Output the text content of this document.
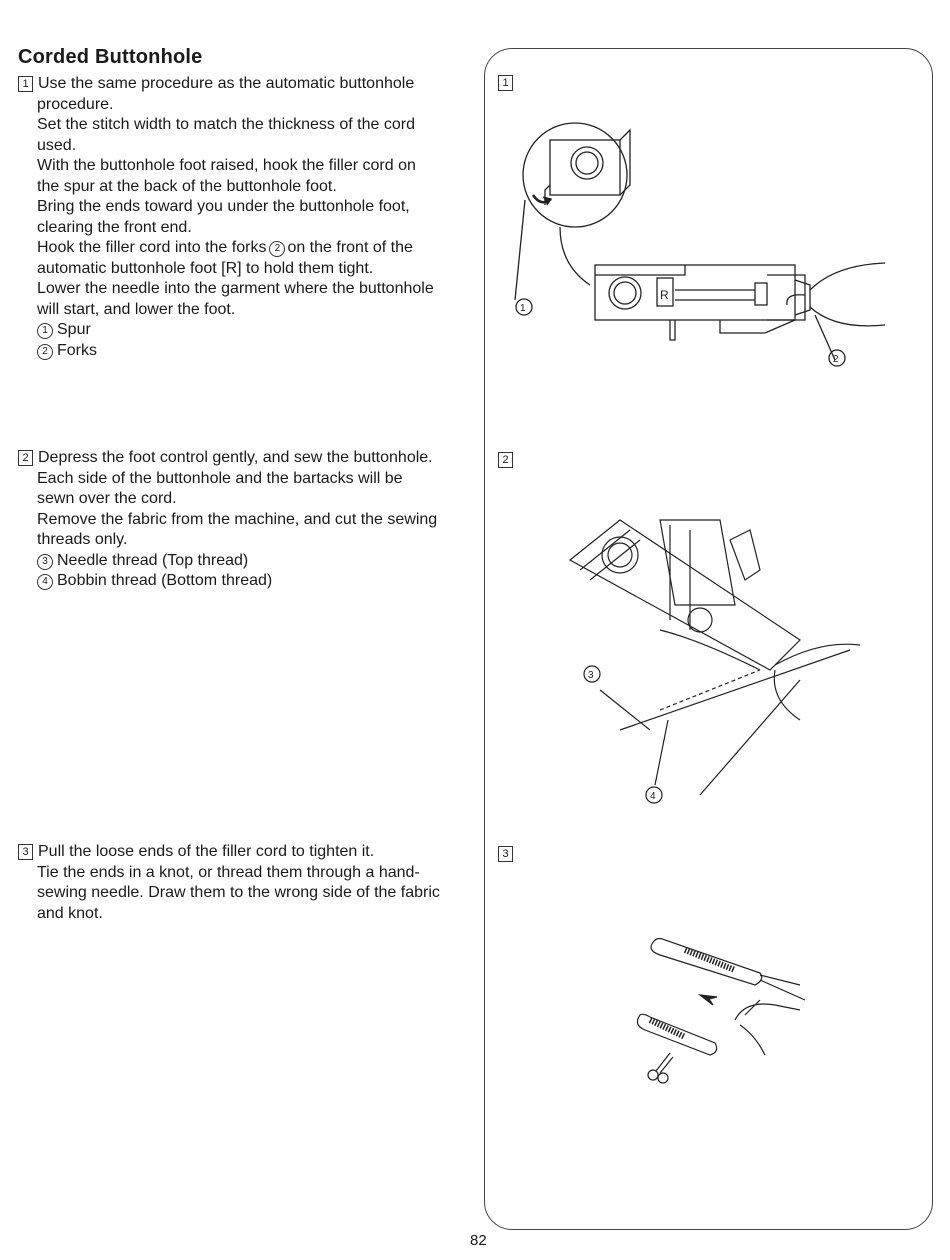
Corded Buttonhole

1 Use the same procedure as the automatic buttonhole

procedure.

Set the stitch width to match the thickness of the cord

used.

With the buttonhole foot raised, hook the filler cord on

the spur at the back of the buttonhole foot.

Bring the ends toward you under the buttonhole foot,

clearing the front end.

Hook the filler cord into the forks 2 on the front of the

automatic buttonhole foot [R] to hold them tight.

Lower the needle into the garment where the buttonhole

will start, and lower the foot.

1 Spur

2 Forks

2 Depress the foot control gently, and sew the buttonhole.

Each side of the buttonhole and the bartacks will be

sewn over the cord.

Remove the fabric from the machine, and cut the sewing

threads only.

3 Needle thread (Top thread)

4 Bobbin thread (Bottom thread)

3 Pull the loose ends of the filler cord to tighten it.

Tie the ends in a knot, or thread them through a hand-

sewing needle. Draw them to the wrong side of the fabric

and knot.

1
2
3
R
1
2
3
4
82
